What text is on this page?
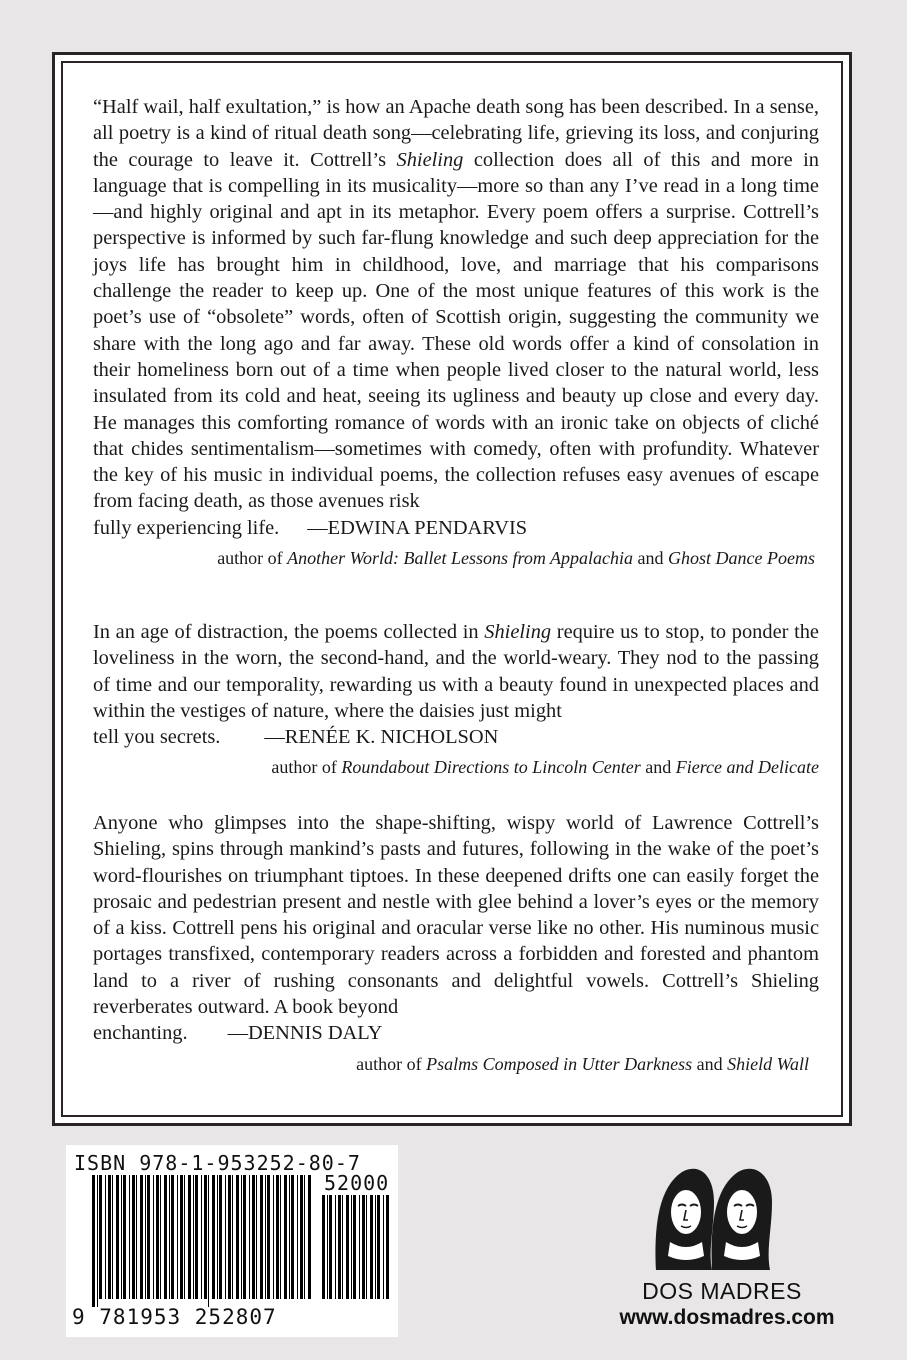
“Half wail, half exultation,” is how an Apache death song has been described. In a sense, all poetry is a kind of ritual death song—celebrating life, grieving its loss, and conjuring the courage to leave it. Cottrell’s Shieling collection does all of this and more in language that is compelling in its musicality—more so than any I’ve read in a long time—and highly original and apt in its metaphor. Every poem offers a surprise. Cottrell’s perspective is informed by such far-flung knowledge and such deep appreciation for the joys life has brought him in childhood, love, and marriage that his comparisons challenge the reader to keep up. One of the most unique features of this work is the poet’s use of “obsolete” words, often of Scottish origin, suggesting the community we share with the long ago and far away. These old words offer a kind of consolation in their homeliness born out of a time when people lived closer to the natural world, less insulated from its cold and heat, seeing its ugliness and beauty up close and every day. He manages this comforting romance of words with an ironic take on objects of cliché that chides sentimentalism—sometimes with comedy, often with profundity. Whatever the key of his music in individual poems, the collection refuses easy avenues of escape from facing death, as those avenues risk

fully experiencing life. —EDWINA PENDARVIS

author of Another World: Ballet Lessons from Appalachia and Ghost Dance Poems

In an age of distraction, the poems collected in Shieling require us to stop, to ponder the loveliness in the worn, the second-hand, and the world-weary. They nod to the passing of time and our temporality, rewarding us with a beauty found in unexpected places and within the vestiges of nature, where the daisies just might

tell you secrets. —RENÉE K. NICHOLSON

author of Roundabout Directions to Lincoln Center and Fierce and Delicate

Anyone who glimpses into the shape-shifting, wispy world of Lawrence Cottrell’s Shieling, spins through mankind’s pasts and futures, following in the wake of the poet’s word-flourishes on triumphant tiptoes. In these deepened drifts one can easily forget the prosaic and pedestrian present and nestle with glee behind a lover’s eyes or the memory of a kiss. Cottrell pens his original and oracular verse like no other. His numinous music portages transfixed, contemporary readers across a forbidden and forested and phantom land to a river of rushing consonants and delightful vowels. Cottrell’s Shieling reverberates outward. A book beyond

enchanting. —DENNIS DALY

author of Psalms Composed in Utter Darkness and Shield Wall
ISBN 978-1-953252-80-7
52000
9 781953 252807
DOS MADRES
www.dosmadres.com
